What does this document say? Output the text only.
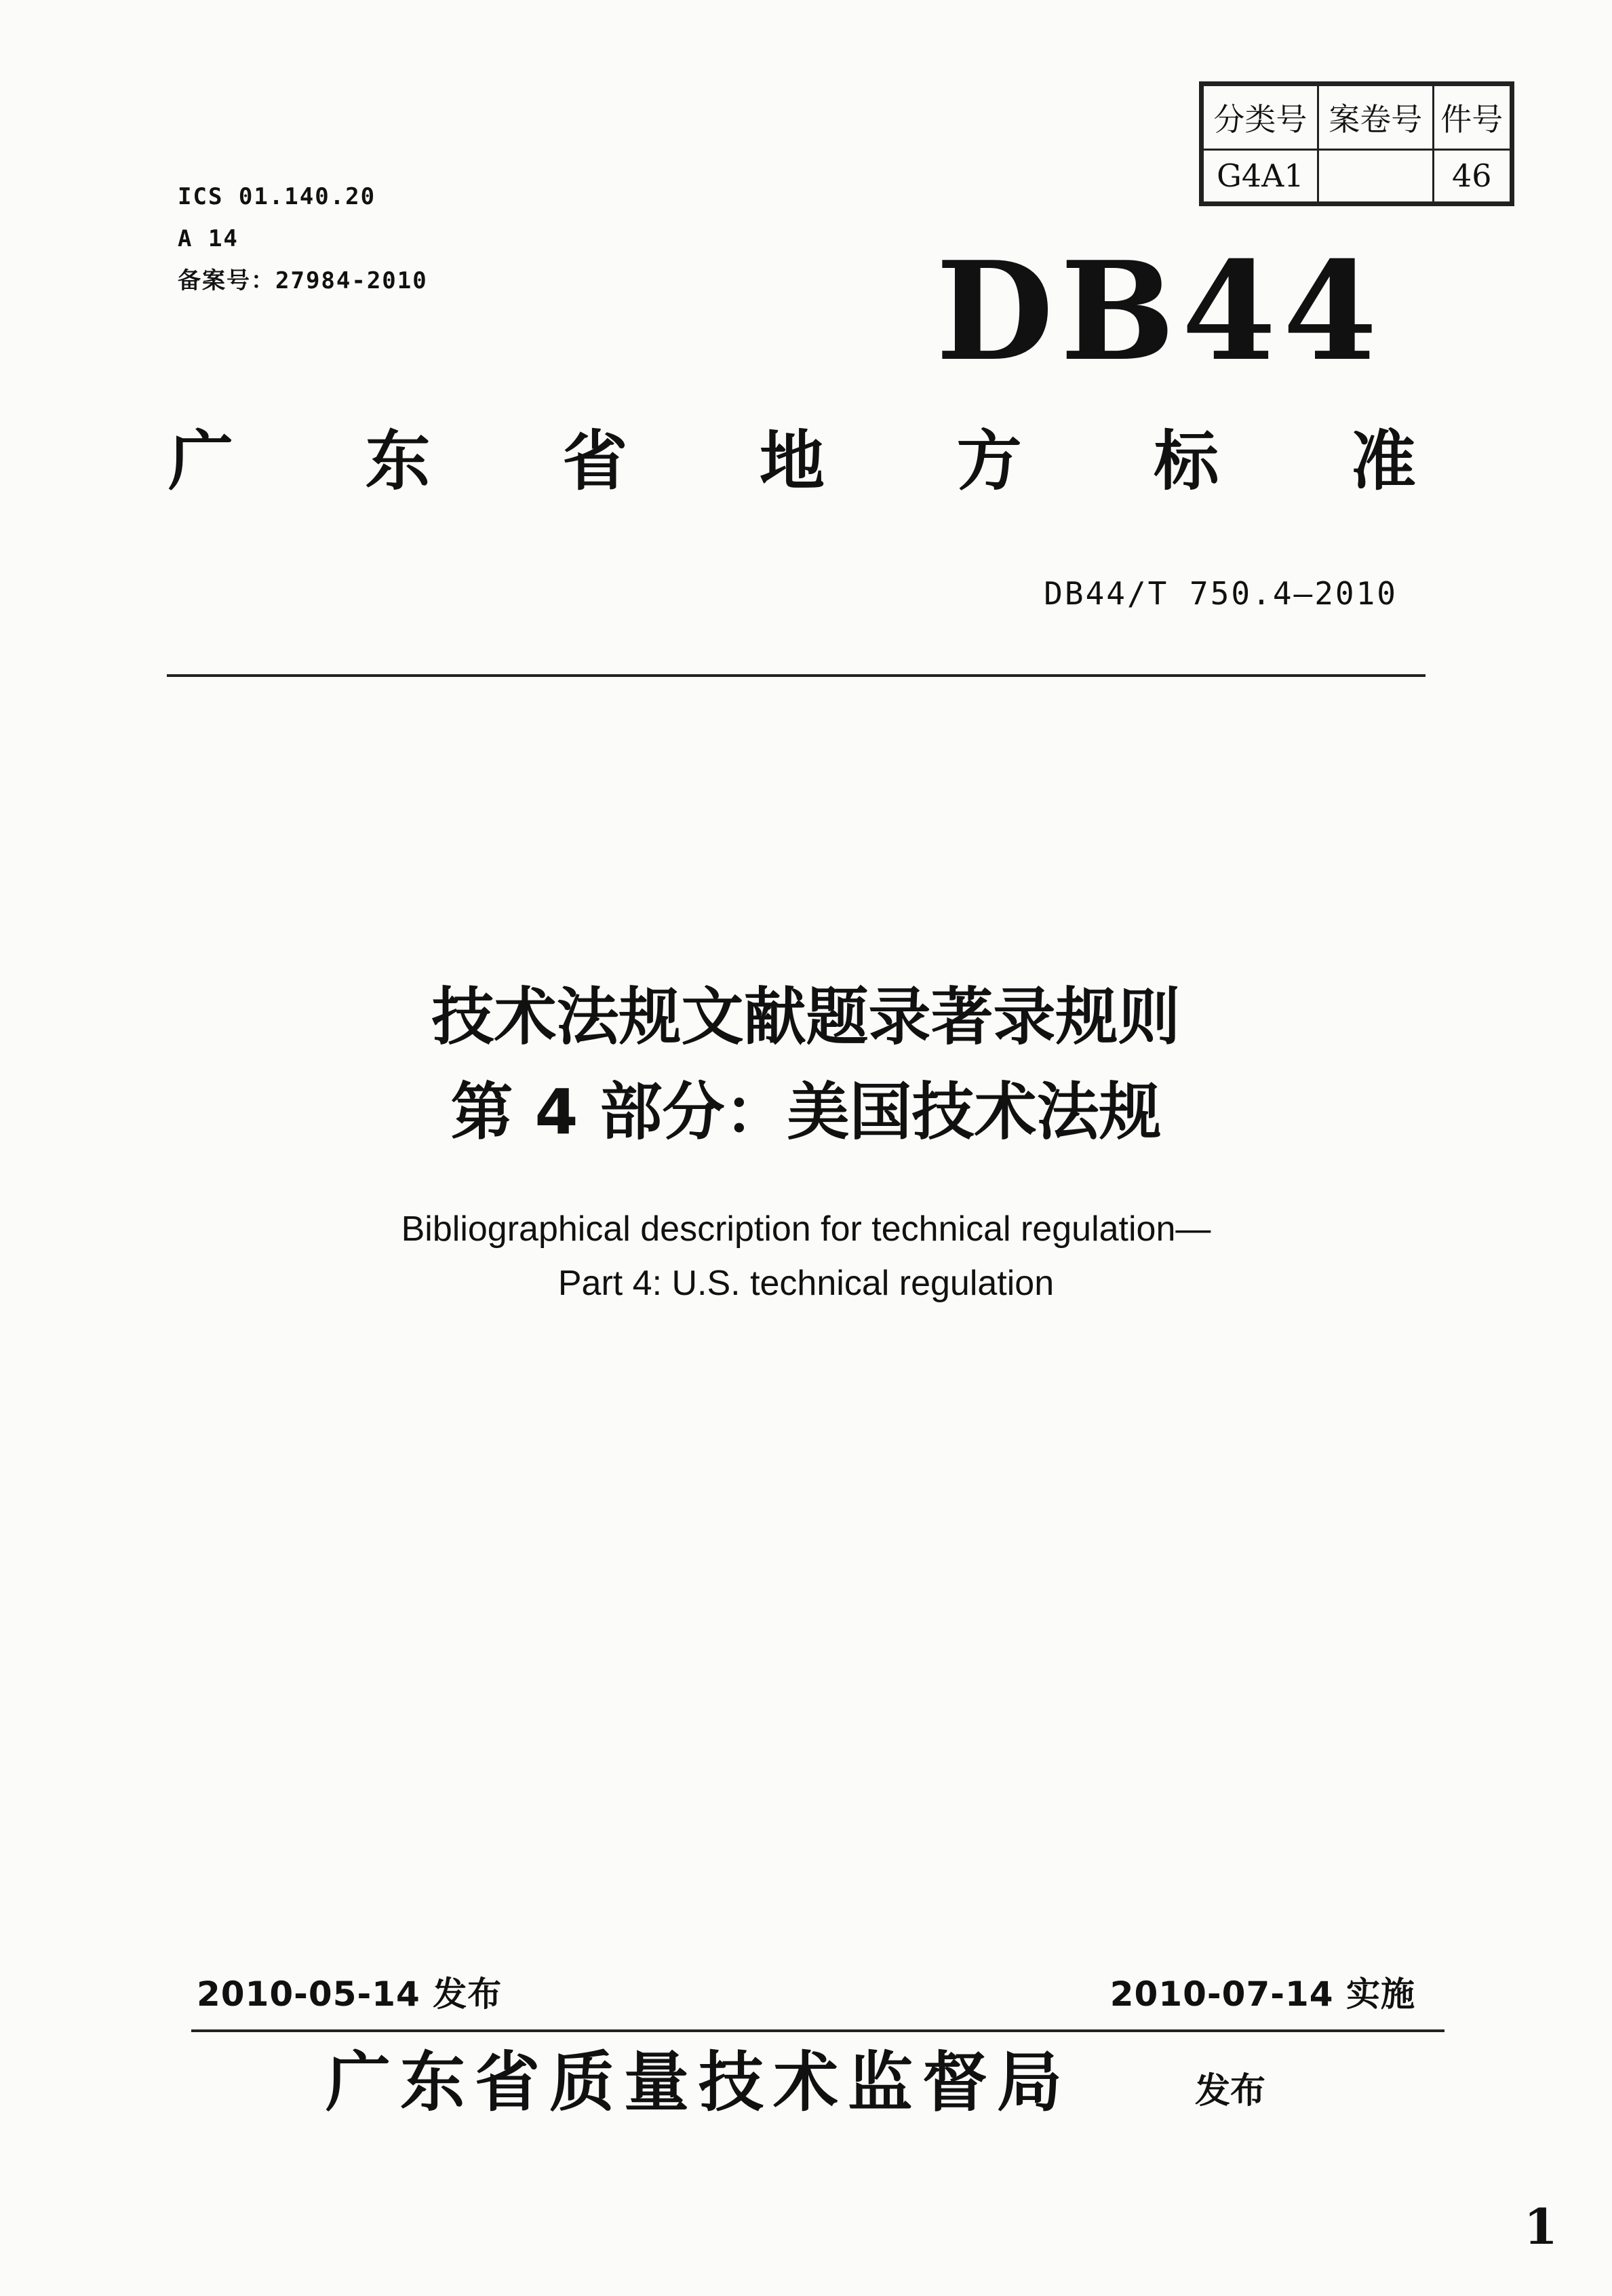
ICS 01.140.20
A 14
备案号：27984-2010
分类号	案卷号	件号
G4A1		46
DB44
广 东 省 地 方 标 准
DB44/T 750.4—2010
技术法规文献题录著录规则
第 4 部分：美国技术法规
Bibliographical description for technical regulation—
Part 4: U.S. technical regulation
2010-05-14 发布	2010-07-14 实施
广东省质量技术监督局	发布
1
